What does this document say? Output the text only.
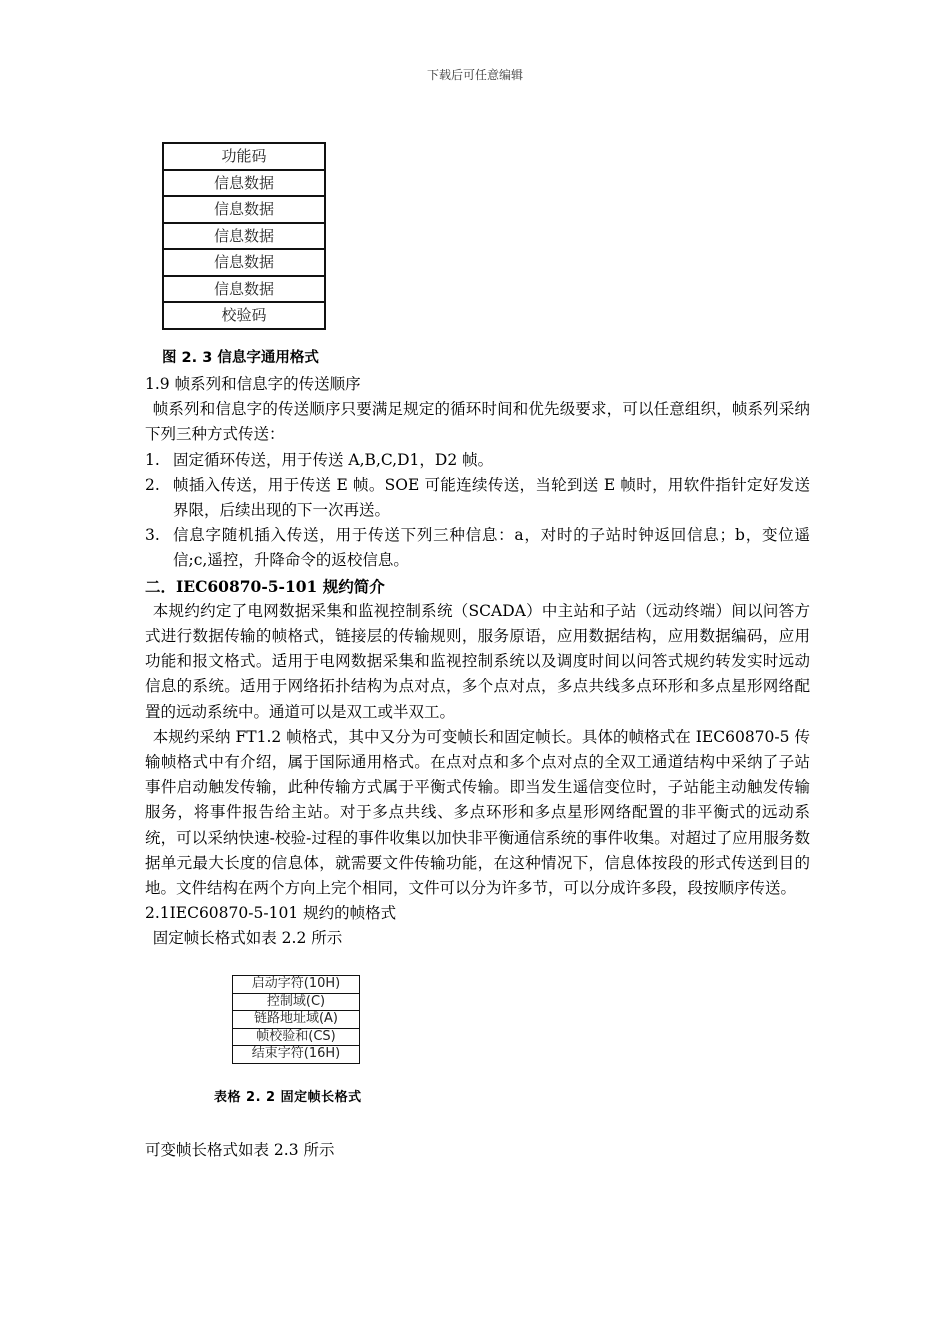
下载后可任意编辑
功能码
信息数据
信息数据
信息数据
信息数据
信息数据
校验码
图 2. 3 信息字通用格式

1.9 帧系列和信息字的传送顺序

帧系列和信息字的传送顺序只要满足规定的循环时间和优先级要求，可以任意组织，帧系列采纳下列三种方式传送：

1. 固定循环传送，用于传送 A,B,C,D1，D2 帧。
2. 帧插入传送，用于传送 E 帧。SOE 可能连续传送，当轮到送 E 帧时，用软件指针定好发送界限，后续出现的下一次再送。
3. 信息字随机插入传送，用于传送下列三种信息：a，对时的子站时钟返回信息；b，变位遥信;c,遥控，升降命令的返校信息。

二．IEC60870-5-101 规约简介

本规约约定了电网数据采集和监视控制系统（SCADA）中主站和子站（远动终端）间以问答方式进行数据传输的帧格式，链接层的传输规则，服务原语，应用数据结构，应用数据编码，应用功能和报文格式。适用于电网数据采集和监视控制系统以及调度时间以问答式规约转发实时远动信息的系统。适用于网络拓扑结构为点对点，多个点对点，多点共线多点环形和多点星形网络配置的远动系统中。通道可以是双工或半双工。

本规约采纳 FT1.2 帧格式，其中又分为可变帧长和固定帧长。具体的帧格式在 IEC60870-5 传输帧格式中有介绍，属于国际通用格式。在点对点和多个点对点的全双工通道结构中采纳了子站事件启动触发传输，此种传输方式属于平衡式传输。即当发生遥信变位时，子站能主动触发传输服务，将事件报告给主站。对于多点共线、多点环形和多点星形网络配置的非平衡式的远动系统，可以采纳快速-校验-过程的事件收集以加快非平衡通信系统的事件收集。对超过了应用服务数据单元最大长度的信息体，就需要文件传输功能，在这种情况下，信息体按段的形式传送到目的地。文件结构在两个方向上完个相同，文件可以分为许多节，可以分成许多段，段按顺序传送。

2.1IEC60870-5-101 规约的帧格式

固定帧长格式如表 2.2 所示

启动字符(10H)
控制域(C)
链路地址域(A)
帧校验和(CS)
结束字符(16H)
表格 2. 2 固定帧长格式

可变帧长格式如表 2.3 所示
